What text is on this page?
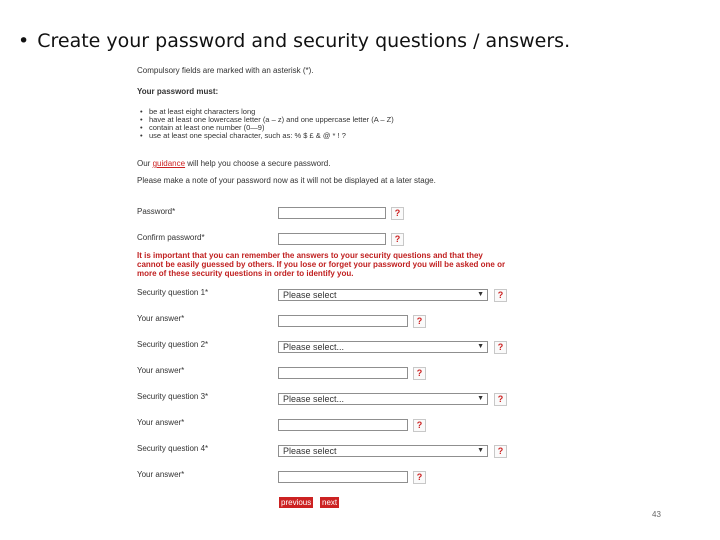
• Create your password and security questions / answers.
Compulsory fields are marked with an asterisk (*).
Your password must:
• be at least eight characters long
• have at least one lowercase letter (a – z) and one uppercase letter (A – Z)
• contain at least one number (0—9)
• use at least one special character, such as: % $ £ & @ * ! ?
Our guidance will help you choose a secure password.
Please make a note of your password now as it will not be displayed at a later stage.
Password*	?
Confirm password*	?
It is important that you can remember the answers to your security questions and that they
cannot be easily guessed by others. If you lose or forget your password you will be asked one or
more of these security questions in order to identify you.
Security question 1*	Please select	▼	?
Your answer*	?
Security question 2*	Please select...	▼	?
Your answer*	?
Security question 3*	Please select...	▼	?
Your answer*	?
Security question 4*	Please select	▼	?
Your answer*	?
previous next
43
